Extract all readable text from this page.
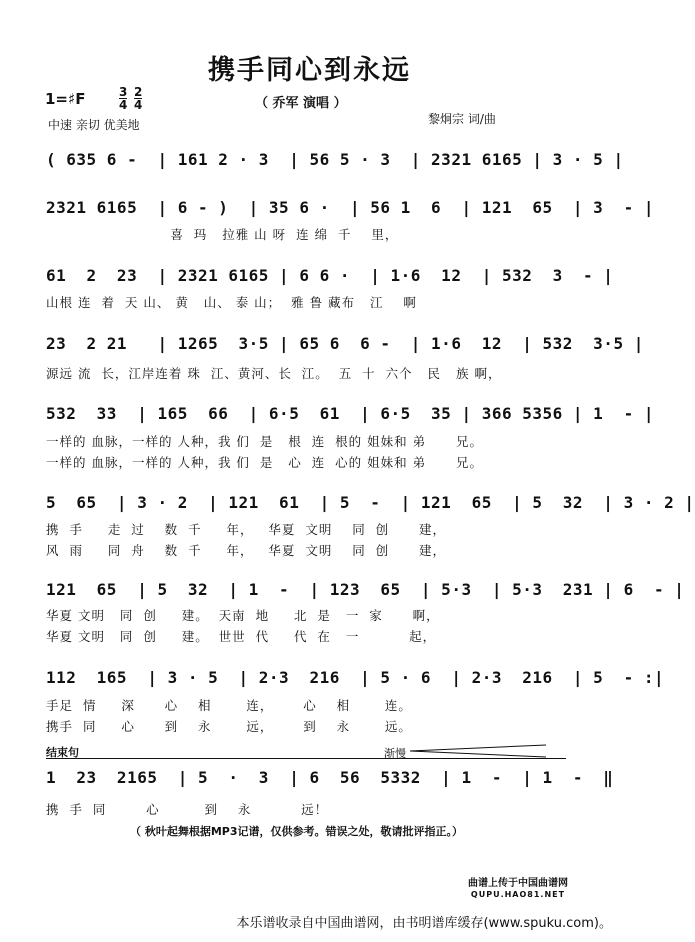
携手同心到永远
1=♯F	$\frac{3}{4} \frac{2}{4}$	（ 乔军 演唱 ）
中速 亲切 优美地	黎炯宗 词/曲
( 635 6 -  | 161 2 · 3  | 56 5 · 3  | 2321 6165 | 3 · 5 |
2321 6165  | 6 - )  | 35 6 ·  | 56 1  6  | 121  65  | 3  - |
喜  玛   拉雅 山 呀  连 绵  千    里，
61  2  23  | 2321 6165 | 6 6 ·  | 1·6  12  | 532  3  - |
山根 连  着  天 山、 黄   山、 泰 山；  雅 鲁 藏布   江    啊
23  2 21   | 1265  3·5 | 65 6  6 -  | 1·6  12  | 532  3·5 |
源远 流  长，江岸连着 珠  江、黄河、长  江。  五  十  六个   民   族 啊，
532  33  | 165  66  | 6·5  61  | 6·5  35 | 366 5356 | 1  - |
一样的 血脉，一样的 人种，我 们  是   根  连  根的 姐妹和 弟      兄。
一样的 血脉，一样的 人种，我 们  是   心  连  心的 姐妹和 弟      兄。
5  65  | 3 · 2  | 121  61  | 5  -  | 121  65  | 5  32  | 3 · 2 |
携  手     走  过    数  千     年，   华夏  文明    同  创      建，
风  雨     同  舟    数  千     年，   华夏  文明    同  创      建，
121  65  | 5  32  | 1  -  | 123  65  | 5·3  | 5·3  231 | 6  - |
华夏 文明   同  创     建。  天南  地     北  是   一  家      啊，
华夏 文明   同  创     建。  世世  代     代  在   一          起，
112  165  | 3 · 5  | 2·3  216  | 5 · 6  | 2·3  216  | 5  - :|
手足  情     深      心    相       连，      心    相       连。
携手  同     心      到    永       远，      到    永       远。
结束句	渐慢
1  23  2165  | 5  ·  3  | 6  56  5332  | 1  -  | 1  -  ‖
携  手  同        心         到    永          远！
（ 秋叶起舞根据MP3记谱，仅供参考。错误之处，敬请批评指正。）
曲谱上传于中国曲谱网
QUPU.HAO81.NET
本乐谱收录自中国曲谱网，由书明谱库缓存(www.spuku.com)。
